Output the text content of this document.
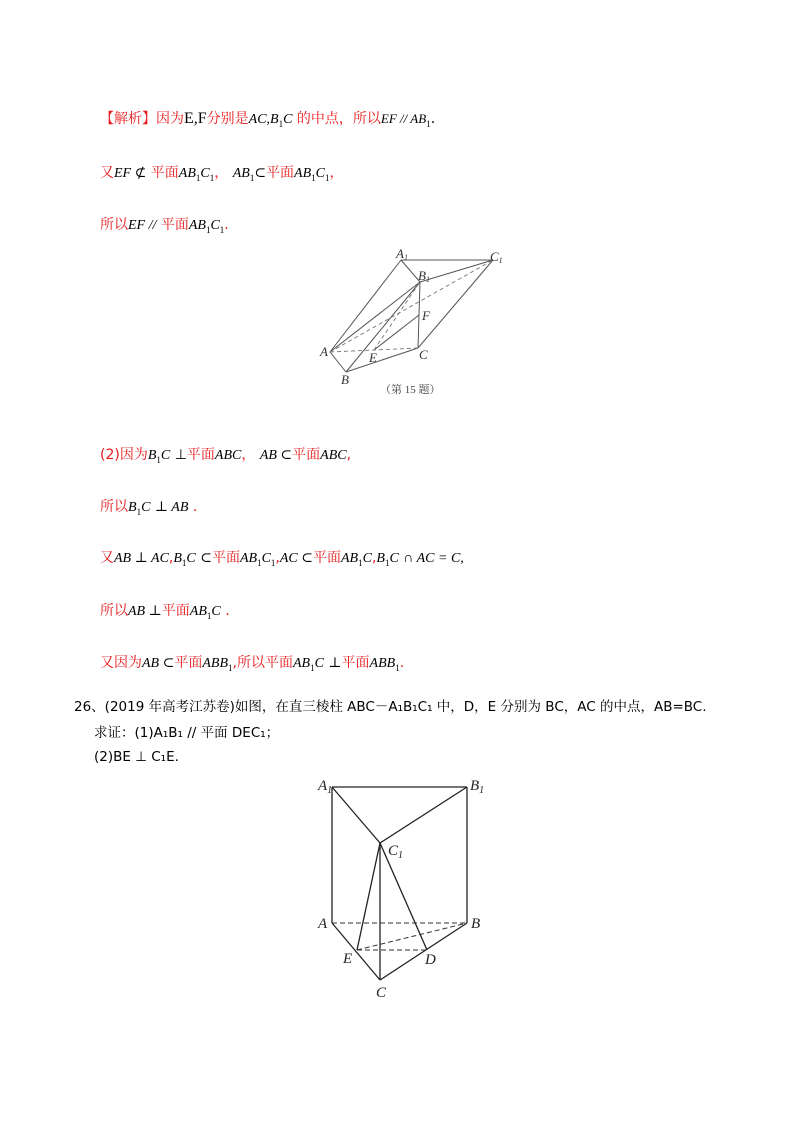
【解析】因为E,F分别是$AC,B_1C$ 的中点，所以EF // $AB_1$.
又EF ⊄ 平面$AB_1C_1$， $AB_1\subset$平面$AB_1C_1$，
所以EF // 平面$AB_1C_1$.
A1
B1
C1
A
B
C
E
F
（第 15 题）
(2)因为$B_1C$ ⊥平面ABC， AB ⊂平面ABC,
所以$B_1C$ ⊥ AB .
又AB ⊥ $AC,B_1C$ ⊂平面$AB_1C_1,AC$ ⊂平面$AB_1C,B_1C$ ∩ AC = C,
所以AB ⊥平面$AB_1C$ .
又因为AB ⊂平面$ABB_1$,所以平面$AB_1C$ ⊥平面$ABB_1$.
26、(2019 年高考江苏卷)如图，在直三棱柱 ABC－A₁B₁C₁ 中，D，E 分别为 BC，AC 的中点，AB=BC.
求证：(1)A₁B₁ // 平面 DEC₁；
(2)BE ⊥ C₁E.
$A_1$	$B_1$
$C_1$
A	B
C
E	D
